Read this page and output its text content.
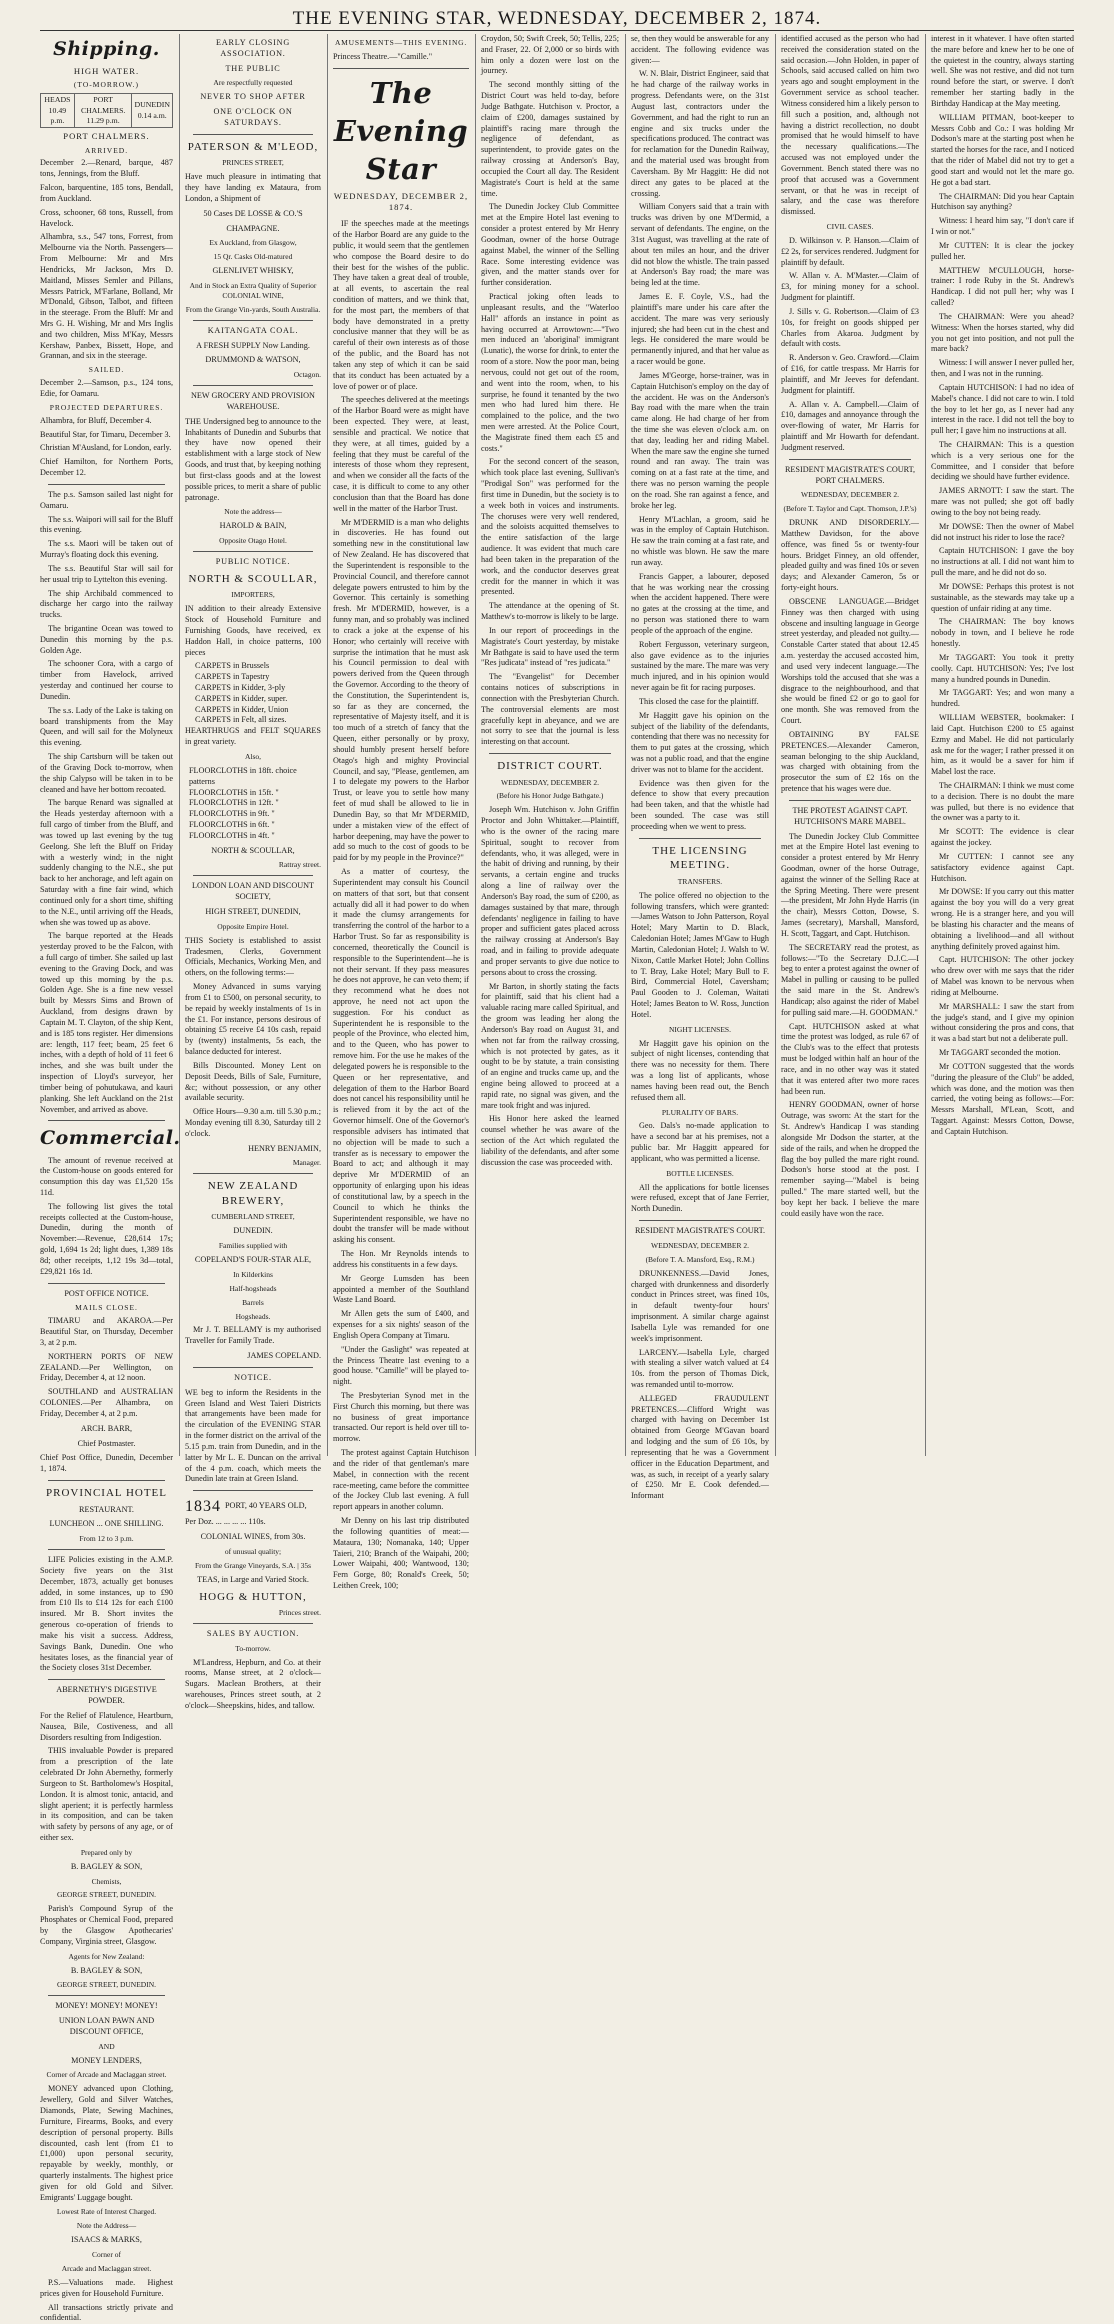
THE EVENING STAR, WEDNESDAY, DECEMBER 2, 1874.
Shipping.
HIGH WATER.
(TO-MORROW.)
HEADS
10.49 p.m.

PORT CHALMERS.
11.29 p.m.

DUNEDIN
0.14 a.m.
PORT CHALMERS.
ARRIVED.

December 2.—Renard, barque, 487 tons, Jennings, from the Bluff.

Falcon, barquentine, 185 tons, Bendall, from Auckland.

Cross, schooner, 68 tons, Russell, from Havelock.

Alhambra, s.s., 547 tons, Forrest, from Melbourne via the North. Passengers—From Melbourne: Mr and Mrs Hendricks, Mr Jackson, Mrs D. Maitland, Misses Semler and Pillans, Messrs Patrick, M'Farlane, Bolland, Mr M'Donald, Gibson, Talbot, and fifteen in the steerage. From the Bluff: Mr and Mrs G. H. Wishing, Mr and Mrs Inglis and two children, Miss M'Kay, Messrs Kershaw, Panbex, Bissett, Hope, and Grannan, and six in the steerage.

SAILED.

December 2.—Samson, p.s., 124 tons, Edie, for Oamaru.

PROJECTED DEPARTURES.

Alhambra, for Bluff, December 4.

Beautiful Star, for Timaru, December 3.

Christian M'Ausland, for London, early.

Chief Hamilton, for Northern Ports, December 12.

The p.s. Samson sailed last night for Oamaru.

The s.s. Waipori will sail for the Bluff this evening.

The s.s. Maori will be taken out of Murray's floating dock this evening.

The s.s. Beautiful Star will sail for her usual trip to Lyttelton this evening.

The ship Archibald commenced to discharge her cargo into the railway trucks.

The brigantine Ocean was towed to Dunedin this morning by the p.s. Golden Age.

The schooner Cora, with a cargo of timber from Havelock, arrived yesterday and continued her course to Dunedin.

The s.s. Lady of the Lake is taking on board transhipments from the May Queen, and will sail for the Molyneux this evening.

The ship Cartsburn will be taken out of the Graving Dock to-morrow, when the ship Calypso will be taken in to be cleaned and have her bottom recoated.

The barque Renard was signalled at the Heads yesterday afternoon with a full cargo of timber from the Bluff, and was towed up last evening by the tug Geelong. She left the Bluff on Friday with a westerly wind; in the night suddenly changing to the N.E., she put back to her anchorage, and left again on Saturday with a fine fair wind, which continued only for a short time, shifting to the N.E., until arriving off the Heads, when she was towed up as above.

The barque reported at the Heads yesterday proved to be the Falcon, with a full cargo of timber. She sailed up last evening to the Graving Dock, and was towed up this morning by the p.s. Golden Age. She is a fine new vessel built by Messrs Sims and Brown of Auckland, from designs drawn by Captain M. T. Clayton, of the ship Kent, and is 185 tons register. Her dimensions are: length, 117 feet; beam, 25 feet 6 inches, with a depth of hold of 11 feet 6 inches, and she was built under the inspection of Lloyd's surveyor, her timber being of pohutukawa, and kauri planking. She left Auckland on the 21st November, and arrived as above.

Commercial.

The amount of revenue received at the Custom-house on goods entered for consumption this day was £1,520 15s 11d.

The following list gives the total receipts collected at the Custom-house, Dunedin, during the month of November:—Revenue, £28,614 17s; gold, 1,694 1s 2d; light dues, 1,389 18s 8d; other receipts, 1,12 19s 3d—total, £29,821 16s 1d.

POST OFFICE NOTICE.
MAILS CLOSE.

TIMARU and AKAROA.—Per Beautiful Star, on Thursday, December 3, at 2 p.m.

NORTHERN PORTS OF NEW ZEALAND.—Per Wellington, on Friday, December 4, at 12 noon.

SOUTHLAND and AUSTRALIAN COLONIES.—Per Alhambra, on Friday, December 4, at 2 p.m.

ARCH. BARR,
Chief Postmaster.

Chief Post Office, Dunedin, December 1, 1874.

PROVINCIAL HOTEL
RESTAURANT.
LUNCHEON ... ONE SHILLING.
From 12 to 3 p.m.

LIFE Policies existing in the A.M.P. Society five years on the 31st December, 1873, actually get bonuses added, in some instances, up to £90 from £10 Ils to £14 12s for each £100 insured. Mr B. Short invites the generous co-operation of friends to make his visit a success. Address, Savings Bank, Dunedin. One who hesitates loses, as the financial year of the Society closes 31st December.

ABERNETHY'S DIGESTIVE POWDER.

For the Relief of Flatulence, Heartburn, Nausea, Bile, Costiveness, and all Disorders resulting from Indigestion.

THIS invaluable Powder is prepared from a prescription of the late celebrated Dr John Abernethy, formerly Surgeon to St. Bartholomew's Hospital, London. It is almost tonic, antacid, and slight aperient; it is perfectly harmless in its composition, and can be taken with safety by persons of any age, or of either sex.

Prepared only by
B. BAGLEY & SON,
Chemists,
GEORGE STREET, DUNEDIN.

Parish's Compound Syrup of the Phosphates or Chemical Food, prepared by the Glasgow Apothecaries' Company, Virginia street, Glasgow.

Agents for New Zealand:
B. BAGLEY & SON,
GEORGE STREET, DUNEDIN.
MONEY! MONEY! MONEY!
UNION LOAN PAWN AND DISCOUNT OFFICE,
AND
MONEY LENDERS,
Corner of Arcade and Maclaggan street.

MONEY advanced upon Clothing, Jewellery, Gold and Silver Watches, Diamonds, Plate, Sewing Machines, Furniture, Firearms, Books, and every description of personal property. Bills discounted, cash lent (from £1 to £1,000) upon personal security, repayable by weekly, monthly, or quarterly instalments. The highest price given for old Gold and Silver. Emigrants' Luggage bought.

Lowest Rate of Interest Charged.
Note the Address—
ISAACS & MARKS,
Corner of
Arcade and Maclaggan street.

P.S.—Valuations made. Highest prices given for Household Furniture.

All transactions strictly private and confidential.

EARLY CLOSING ASSOCIATION.
THE PUBLIC
Are respectfully requested
NEVER TO SHOP AFTER
ONE O'CLOCK ON SATURDAYS.
PATERSON & M'LEOD,
PRINCES STREET,

Have much pleasure in intimating that they have landing ex Mataura, from London, a Shipment of

50 Cases DE LOSSE & CO.'S
CHAMPAGNE.
Ex Auckland, from Glasgow,
15 Qr. Casks Old-matured
GLENLIVET WHISKY,
And in Stock an Extra Quality of Superior COLONIAL WINE,
From the Grange Vin-yards, South Australia.
KAITANGATA COAL.
A FRESH SUPPLY Now Landing.
DRUMMOND & WATSON,
Octagon.
NEW GROCERY AND PROVISION WAREHOUSE.

THE Undersigned beg to announce to the Inhabitants of Dunedin and Suburbs that they have now opened their establishment with a large stock of New Goods, and trust that, by keeping nothing but first-class goods and at the lowest possible prices, to merit a share of public patronage.

Note the address—
HAROLD & BAIN,
Opposite Otago Hotel.
PUBLIC NOTICE.
NORTH & SCOULLAR,
IMPORTERS,

IN addition to their already Extensive Stock of Household Furniture and Furnishing Goods, have received, ex Haddon Hall, in choice patterns, 100 pieces

CARPETS in Brussels
CARPETS in Tapestry
CARPETS in Kidder, 3-ply
CARPETS in Kidder, super.
CARPETS in Kidder, Union
CARPETS in Felt, all sizes.

HEARTHRUGS and FELT SQUARES in great variety.

Also,
FLOORCLOTHS in 18ft. choice patterns
FLOORCLOTHS in 15ft. "
FLOORCLOTHS in 12ft. "
FLOORCLOTHS in 9ft. "
FLOORCLOTHS in 6ft. "
FLOORCLOTHS in 4ft. "
NORTH & SCOULLAR,
Rattray street.
LONDON LOAN AND DISCOUNT SOCIETY,
HIGH STREET, DUNEDIN,
Opposite Empire Hotel.

THIS Society is established to assist Tradesmen, Clerks, Government Officials, Mechanics, Working Men, and others, on the following terms:—

Money Advanced in sums varying from £1 to £500, on personal security, to be repaid by weekly instalments of 1s in the £1. For instance, persons desirous of obtaining £5 receive £4 10s cash, repaid by (twenty) instalments, 5s each, the balance deducted for interest.

Bills Discounted. Money Lent on Deposit Deeds, Bills of Sale, Furniture, &c; without possession, or any other available security.

Office Hours—9.30 a.m. till 5.30 p.m.; Monday evening till 8.30, Saturday till 2 o'clock.

HENRY BENJAMIN,
Manager.
NEW ZEALAND BREWERY,
CUMBERLAND STREET,
DUNEDIN.
Families supplied with
COPELAND'S FOUR-STAR ALE,
In Kilderkins
Half-hogsheads
Barrels
Hogsheads.

Mr J. T. BELLAMY is my authorised Traveller for Family Trade.

JAMES COPELAND.
NOTICE.

WE beg to inform the Residents in the Green Island and West Taieri Districts that arrangements have been made for the circulation of the EVENING STAR in the former district on the arrival of the 5.15 p.m. train from Dunedin, and in the latter by Mr L. E. Duncan on the arrival of the 4 p.m. coach, which meets the Dunedin late train at Green Island.

1834 PORT, 40 YEARS OLD,
Per Doz. ... ... ... ... 110s.
COLONIAL WINES, from 30s.
of unusual quality;
From the Grange Vineyards, S.A. | 35s
TEAS, in Large and Varied Stock.
HOGG & HUTTON,
Princes street.
SALES BY AUCTION.
To-morrow.

M'Landress, Hepburn, and Co. at their rooms, Manse street, at 2 o'clock—Sugars. Maclean Brothers, at their warehouses, Princes street south, at 2 o'clock—Sheepskins, hides, and tallow.

AMUSEMENTS—THIS EVENING.

Princess Theatre.—"Camille."

The Evening Star
WEDNESDAY, DECEMBER 2, 1874.

IF the speeches made at the meetings of the Harbor Board are any guide to the public, it would seem that the gentlemen who compose the Board desire to do their best for the wishes of the public. They have taken a great deal of trouble, at all events, to ascertain the real condition of matters, and we think that, for the most part, the members of that body have demonstrated in a pretty conclusive manner that they will be as careful of their own interests as of those of the public, and the Board has not taken any step of which it can be said that its conduct has been actuated by a love of power or of place.

The speeches delivered at the meetings of the Harbor Board were as might have been expected. They were, at least, sensible and practical. We notice that they were, at all times, guided by a feeling that they must be careful of the interests of those whom they represent, and when we consider all the facts of the case, it is difficult to come to any other conclusion than that the Board has done well in the matter of the Harbor Trust.

Mr M'DERMID is a man who delights in discoveries. He has found out something new in the constitutional law of New Zealand. He has discovered that the Superintendent is responsible to the Provincial Council, and therefore cannot delegate powers entrusted to him by the Governor. This certainly is something fresh. Mr M'DERMID, however, is a funny man, and so probably was inclined to crack a joke at the expense of his Honor; who certainly will receive with surprise the intimation that he must ask his Council permission to deal with powers derived from the Queen through the Governor. According to the theory of the Constitution, the Superintendent is, so far as they are concerned, the representative of Majesty itself, and it is too much of a stretch of fancy that the Queen, either personally or by proxy, should humbly present herself before Otago's high and mighty Provincial Council, and say, "Please, gentlemen, am I to delegate my powers to the Harbor Trust, or leave you to settle how many feet of mud shall be allowed to lie in Dunedin Bay, so that Mr M'DERMID, under a mistaken view of the effect of harbor deepening, may have the power to add so much to the cost of goods to be paid for by my people in the Province?"

As a matter of courtesy, the Superintendent may consult his Council on matters of that sort, but that consent actually did all it had power to do when it made the clumsy arrangements for transferring the control of the harbor to a Harbor Trust. So far as responsibility is concerned, theoretically the Council is responsible to the Superintendent—he is not their servant. If they pass measures he does not approve, he can veto them; if they recommend what he does not approve, he need not act upon the suggestion. For his conduct as Superintendent he is responsible to the people of the Province, who elected him, and to the Queen, who has power to remove him. For the use he makes of the delegated powers he is responsible to the Queen or her representative, and delegation of them to the Harbor Board does not cancel his responsibility until he is relieved from it by the act of the Governor himself. One of the Governor's responsible advisers has intimated that no objection will be made to such a transfer as is necessary to empower the Board to act; and although it may deprive Mr M'DERMID of an opportunity of enlarging upon his ideas of constitutional law, by a speech in the Council to which he thinks the Superintendent responsible, we have no doubt the transfer will be made without asking his consent.

The Hon. Mr Reynolds intends to address his constituents in a few days.

Mr George Lumsden has been appointed a member of the Southland Waste Land Board.

Mr Allen gets the sum of £400, and expenses for a six nights' season of the English Opera Company at Timaru.

"Under the Gaslight" was repeated at the Princess Theatre last evening to a good house. "Camille" will be played to-night.

The Presbyterian Synod met in the First Church this morning, but there was no business of great importance transacted. Our report is held over till to-morrow.

The protest against Captain Hutchison and the rider of that gentleman's mare Mabel, in connection with the recent race-meeting, came before the committee of the Jockey Club last evening. A full report appears in another column.

Mr Denny on his last trip distributed the following quantities of meat:—Mataura, 130; Nomanaka, 140; Upper Taieri, 210; Branch of the Waipahi, 200; Lower Waipahi, 400; Wantwood, 130; Fern Gorge, 80; Ronald's Creek, 50; Leithen Creek, 100;

Croydon, 50; Swift Creek, 50; Tellis, 225; and Fraser, 22. Of 2,000 or so birds with him only a dozen were lost on the journey.

The second monthly sitting of the District Court was held to-day, before Judge Bathgate. Hutchison v. Proctor, a claim of £200, damages sustained by plaintiff's racing mare through the negligence of defendant, as superintendent, to provide gates on the railway crossing at Anderson's Bay, occupied the Court all day. The Resident Magistrate's Court is held at the same time.

The Dunedin Jockey Club Committee met at the Empire Hotel last evening to consider a protest entered by Mr Henry Goodman, owner of the horse Outrage against Mabel, the winner of the Selling Race. Some interesting evidence was given, and the matter stands over for further consideration.

Practical joking often leads to unpleasant results, and the "Waterloo Hall" affords an instance in point as having occurred at Arrowtown:—"Two men induced an 'aboriginal' immigrant (Lunatic), the worse for drink, to enter the room of a store. Now the poor man, being nervous, could not get out of the room, and went into the room, when, to his surprise, he found it tenanted by the two men who had lured him there. He complained to the police, and the two men were arrested. At the Police Court, the Magistrate fined them each £5 and costs."

For the second concert of the season, which took place last evening, Sullivan's "Prodigal Son" was performed for the first time in Dunedin, but the society is to a week both in voices and instruments. The choruses were very well rendered, and the soloists acquitted themselves to the entire satisfaction of the large audience. It was evident that much care had been taken in the preparation of the work, and the conductor deserves great credit for the manner in which it was presented.

The attendance at the opening of St. Matthew's to-morrow is likely to be large.

In our report of proceedings in the Magistrate's Court yesterday, by mistake Mr Bathgate is said to have used the term "Res judicata" instead of "res judicata."

The "Evangelist" for December contains notices of subscriptions in connection with the Presbyterian Church. The controversial elements are most gracefully kept in abeyance, and we are not sorry to see that the journal is less interesting on that account.

DISTRICT COURT.
WEDNESDAY, DECEMBER 2.
(Before his Honor Judge Bathgate.)

Joseph Wm. Hutchison v. John Griffin Proctor and John Whittaker.—Plaintiff, who is the owner of the racing mare Spiritual, sought to recover from defendants, who, it was alleged, were in the habit of driving and running, by their servants, a certain engine and trucks along a line of railway over the Anderson's Bay road, the sum of £200, as damages sustained by that mare, through defendants' negligence in failing to have proper and sufficient gates placed across the railway crossing at Anderson's Bay road, and in failing to provide adequate and proper servants to give due notice to persons about to cross the crossing.

Mr Barton, in shortly stating the facts for plaintiff, said that his client had a valuable racing mare called Spiritual, and the groom was leading her along the Anderson's Bay road on August 31, and when not far from the railway crossing, which is not protected by gates, as it ought to be by statute, a train consisting of an engine and trucks came up, and the engine being allowed to proceed at a rapid rate, no signal was given, and the mare took fright and was injured.

His Honor here asked the learned counsel whether he was aware of the section of the Act which regulated the liability of the defendants, and after some discussion the case was proceeded with.

se, then they would be answerable for any accident. The following evidence was given:—

W. N. Blair, District Engineer, said that he had charge of the railway works in progress. Defendants were, on the 31st August last, contractors under the Government, and had the right to run an engine and six trucks under the specifications produced. The contract was for reclamation for the Dunedin Railway, and the material used was brought from Caversham. By Mr Haggitt: He did not direct any gates to be placed at the crossing.

William Conyers said that a train with trucks was driven by one M'Dermid, a servant of defendants. The engine, on the 31st August, was travelling at the rate of about ten miles an hour, and the driver did not blow the whistle. The train passed at Anderson's Bay road; the mare was being led at the time.

James E. F. Coyle, V.S., had the plaintiff's mare under his care after the accident. The mare was very seriously injured; she had been cut in the chest and legs. He considered the mare would be permanently injured, and that her value as a racer would be gone.

James M'George, horse-trainer, was in Captain Hutchison's employ on the day of the accident. He was on the Anderson's Bay road with the mare when the train came along. He had charge of her from the time she was eleven o'clock a.m. on that day, leading her and riding Mabel. When the mare saw the engine she turned round and ran away. The train was coming on at a fast rate at the time, and there was no person warning the people on the road. She ran against a fence, and broke her leg.

Henry M'Lachlan, a groom, said he was in the employ of Captain Hutchison. He saw the train coming at a fast rate, and no whistle was blown. He saw the mare run away.

Francis Gapper, a labourer, deposed that he was working near the crossing when the accident happened. There were no gates at the crossing at the time, and no person was stationed there to warn people of the approach of the engine.

Robert Fergusson, veterinary surgeon, also gave evidence as to the injuries sustained by the mare. The mare was very much injured, and in his opinion would never again be fit for racing purposes.

This closed the case for the plaintiff.

Mr Haggitt gave his opinion on the subject of the liability of the defendants, contending that there was no necessity for them to put gates at the crossing, which was not a public road, and that the engine driver was not to blame for the accident.

Evidence was then given for the defence to show that every precaution had been taken, and that the whistle had been sounded. The case was still proceeding when we went to press.

THE LICENSING MEETING.
TRANSFERS.

The police offered no objection to the following transfers, which were granted:—James Watson to John Patterson, Royal Hotel; Mary Martin to D. Black, Caledonian Hotel; James M'Gaw to Hugh Martin, Caledonian Hotel; J. Walsh to W. Nixon, Cattle Market Hotel; John Collins to T. Bray, Lake Hotel; Mary Bull to F. Bird, Commercial Hotel, Caversham; Paul Gooden to J. Coleman, Waitati Hotel; James Beaton to W. Ross, Junction Hotel.

NIGHT LICENSES.

Mr Haggitt gave his opinion on the subject of night licenses, contending that there was no necessity for them. There was a long list of applicants, whose names having been read out, the Bench refused them all.

PLURALITY OF BARS.

Geo. Dals's no-made application to have a second bar at his premises, not a public bar. Mr Haggitt appeared for applicant, who was permitted a license.

BOTTLE LICENSES.

All the applications for bottle licenses were refused, except that of Jane Ferrier, North Dunedin.

RESIDENT MAGISTRATE'S COURT.
WEDNESDAY, DECEMBER 2.
(Before T. A. Mansford, Esq., R.M.)

DRUNKENNESS.—David Jones, charged with drunkenness and disorderly conduct in Princes street, was fined 10s, in default twenty-four hours' imprisonment. A similar charge against Isabella Lyle was remanded for one week's imprisonment.

LARCENY.—Isabella Lyle, charged with stealing a silver watch valued at £4 10s. from the person of Thomas Dick, was remanded until to-morrow.

ALLEGED FRAUDULENT PRETENCES.—Clifford Wright was charged with having on December 1st obtained from George M'Gavan board and lodging and the sum of £6 10s, by representing that he was a Government officer in the Education Department, and was, as such, in receipt of a yearly salary of £250. Mr E. Cook defended.—Informant

identified accused as the person who had received the consideration stated on the said occasion.—John Holden, in paper of Schools, said accused called on him two years ago and sought employment in the Government service as school teacher. Witness considered him a likely person to fill such a position, and, although not having a district recollection, no doubt promised that he would himself to have the necessary qualifications.—The accused was not employed under the Government. Bench stated there was no proof that accused was a Government servant, or that he was in receipt of salary, and the case was therefore dismissed.

CIVIL CASES.

D. Wilkinson v. P. Hanson.—Claim of £2 2s, for services rendered. Judgment for plaintiff by default.

W. Allan v. A. M'Master.—Claim of £3, for mining money for a school. Judgment for plaintiff.

J. Sills v. G. Robertson.—Claim of £3 10s, for freight on goods shipped per Charles from Akaroa. Judgment by default with costs.

R. Anderson v. Geo. Crawford.—Claim of £16, for cattle trespass. Mr Harris for plaintiff, and Mr Jeeves for defendant. Judgment for plaintiff.

A. Allan v. A. Campbell.—Claim of £10, damages and annoyance through the over-flowing of water, Mr Harris for plaintiff and Mr Howarth for defendant. Judgment reserved.

RESIDENT MAGISTRATE'S COURT, PORT CHALMERS.
WEDNESDAY, DECEMBER 2.
(Before T. Taylor and Capt. Thomson, J.P.'s)

DRUNK AND DISORDERLY.—Matthew Davidson, for the above offence, was fined 5s or twenty-four hours. Bridget Finney, an old offender, pleaded guilty and was fined 10s or seven days; and Alexander Cameron, 5s or forty-eight hours.

OBSCENE LANGUAGE.—Bridget Finney was then charged with using obscene and insulting language in George street yesterday, and pleaded not guilty.—Constable Carter stated that about 12.45 a.m. yesterday the accused accosted him, and used very indecent language.—The Worships told the accused that she was a disgrace to the neighbourhood, and that she would be fined £2 or go to gaol for one month. She was removed from the Court.

OBTAINING BY FALSE PRETENCES.—Alexander Cameron, seaman belonging to the ship Auckland, was charged with obtaining from the prosecutor the sum of £2 16s on the pretence that his wages were due.

THE PROTEST AGAINST CAPT. HUTCHISON'S MARE MABEL.

The Dunedin Jockey Club Committee met at the Empire Hotel last evening to consider a protest entered by Mr Henry Goodman, owner of the horse Outrage, against the winner of the Selling Race at the Spring Meeting. There were present—the president, Mr John Hyde Harris (in the chair), Messrs Cotton, Dowse, S. James (secretary), Marshall, Mansford, H. Scott, Taggart, and Capt. Hutchison.

The SECRETARY read the protest, as follows:—"To the Secretary D.J.C.—I beg to enter a protest against the owner of Mabel in pulling or causing to be pulled the said mare in the St. Andrew's Handicap; also against the rider of Mabel for pulling said mare.—H. GOODMAN."

Capt. HUTCHISON asked at what time the protest was lodged, as rule 67 of the Club's was to the effect that protests must be lodged within half an hour of the race, and in no other way was it stated that it was entered after two more races had been run.

HENRY GOODMAN, owner of horse Outrage, was sworn: At the start for the St. Andrew's Handicap I was standing alongside Mr Dodson the starter, at the side of the rails, and when he dropped the flag the boy pulled the mare right round. Dodson's horse stood at the post. I remember saying—"Mabel is being pulled." The mare started well, but the boy kept her back. I believe the mare could easily have won the race.

interest in it whatever. I have often started the mare before and knew her to be one of the quietest in the country, always starting well. She was not restive, and did not turn round before the start, or swerve. I don't remember her starting badly in the Birthday Handicap at the May meeting.

WILLIAM PITMAN, boot-keeper to Messrs Cobb and Co.: I was holding Mr Dodson's mare at the starting post when he started the horses for the race, and I noticed that the rider of Mabel did not try to get a good start and would not let the mare go. He got a bad start.

The CHAIRMAN: Did you hear Captain Hutchison say anything?

Witness: I heard him say, "I don't care if I win or not."

Mr CUTTEN: It is clear the jockey pulled her.

MATTHEW M'CULLOUGH, horse-trainer: I rode Ruby in the St. Andrew's Handicap. I did not pull her; why was I called?

The CHAIRMAN: Were you ahead? Witness: When the horses started, why did you not get into position, and not pull the mare back?

Witness: I will answer I never pulled her, then, and I was not in the running.

Captain HUTCHISON: I had no idea of Mabel's chance. I did not care to win. I told the boy to let her go, as I never had any interest in the race. I did not tell the boy to pull her; I gave him no instructions at all.

The CHAIRMAN: This is a question which is a very serious one for the Committee, and I consider that before deciding we should have further evidence.

JAMES ARNOTT: I saw the start. The mare was not pulled; she got off badly owing to the boy not being ready.

Mr DOWSE: Then the owner of Mabel did not instruct his rider to lose the race?

Captain HUTCHISON: I gave the boy no instructions at all. I did not want him to pull the mare, and he did not do so.

Mr DOWSE: Perhaps this protest is not sustainable, as the stewards may take up a question of unfair riding at any time.

The CHAIRMAN: The boy knows nobody in town, and I believe he rode honestly.

Mr TAGGART: You took it pretty coolly. Capt. HUTCHISON: Yes; I've lost many a hundred pounds in Dunedin.

Mr TAGGART: Yes; and won many a hundred.

WILLIAM WEBSTER, bookmaker: I laid Capt. Hutchison £200 to £5 against Ezmy and Mabel. He did not particularly ask me for the wager; I rather pressed it on him, as it would be a saver for him if Mabel lost the race.

The CHAIRMAN: I think we must come to a decision. There is no doubt the mare was pulled, but there is no evidence that the owner was a party to it.

Mr SCOTT: The evidence is clear against the jockey.

Mr CUTTEN: I cannot see any satisfactory evidence against Capt. Hutchison.

Mr DOWSE: If you carry out this matter against the boy you will do a very great wrong. He is a stranger here, and you will be blasting his character and the means of obtaining a livelihood—and all without anything definitely proved against him.

Capt. HUTCHISON: The other jockey who drew over with me says that the rider of Mabel was known to be nervous when riding at Melbourne.

Mr MARSHALL: I saw the start from the judge's stand, and I give my opinion without considering the pros and cons, that it was a bad start but not a deliberate pull.

Mr TAGGART seconded the motion.

Mr COTTON suggested that the words "during the pleasure of the Club" be added, which was done, and the motion was then carried, the voting being as follows:—For: Messrs Marshall, M'Lean, Scott, and Taggart. Against: Messrs Cotton, Dowse, and Captain Hutchison.
